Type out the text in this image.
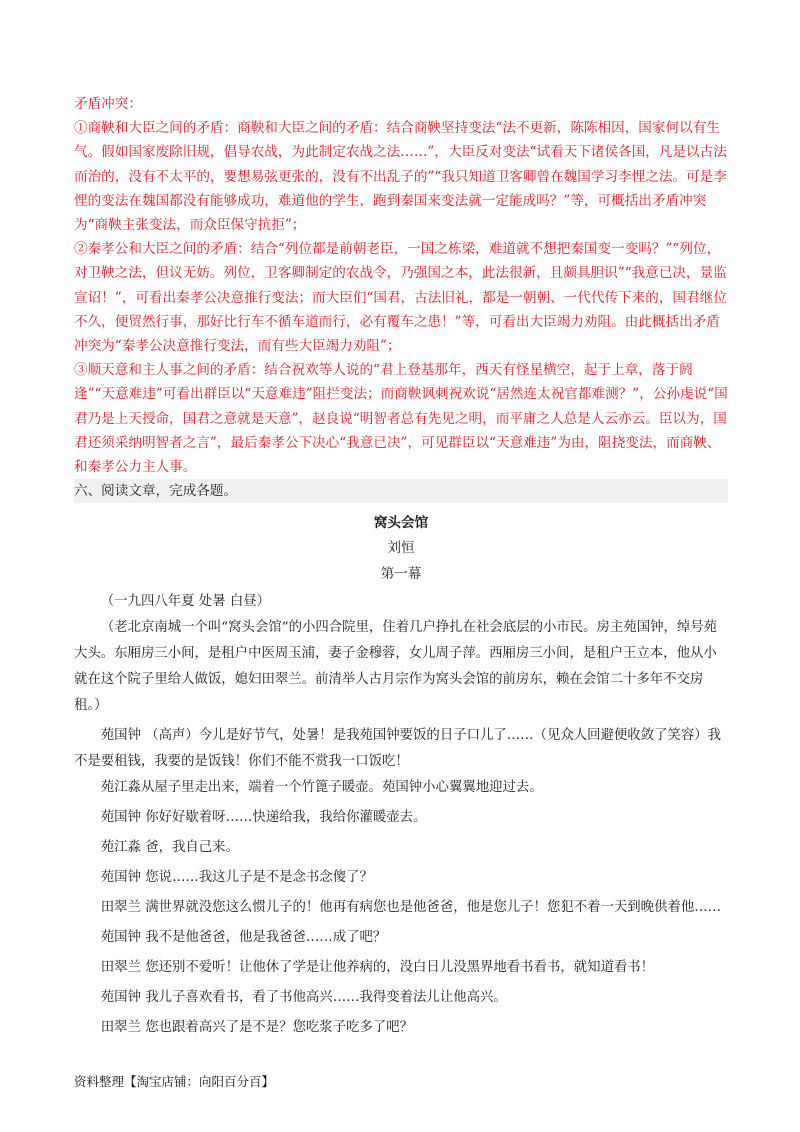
矛盾冲突：

①商鞅和大臣之间的矛盾：商鞅和大臣之间的矛盾：结合商鞅坚持变法“法不更新，陈陈相因，国家何以有生气。假如国家废除旧规，倡导农战，为此制定农战之法……”，大臣反对变法“试看天下诸侯各国，凡是以古法而治的，没有不太平的，要想易弦更张的，没有不出乱子的”“我只知道卫客卿曾在魏国学习李悝之法。可是李悝的变法在魏国都没有能够成功，难道他的学生，跑到秦国来变法就一定能成吗？”等，可概括出矛盾冲突为“商鞅主张变法，而众臣保守抗拒”；

②秦孝公和大臣之间的矛盾：结合“列位都是前朝老臣，一国之栋梁，难道就不想把秦国变一变吗？”“列位，对卫鞅之法，但议无妨。列位，卫客卿制定的农战令，乃强国之本，此法很新，且颇具胆识”“我意已决，景监宣诏！”，可看出秦孝公决意推行变法；而大臣们“国君，古法旧礼，都是一朝朝、一代代传下来的，国君继位不久，便贸然行事，那好比行车不循车道而行，必有覆车之患！”等，可看出大臣竭力劝阻。由此概括出矛盾冲突为“秦孝公决意推行变法，而有些大臣竭力劝阻”；

③顺天意和主人事之间的矛盾：结合祝欢等人说的“君上登基那年，西天有怪星横空，起于上章，落于阏逢”“天意难违”可看出群臣以“天意难违”阻拦变法；而商鞅讽刺祝欢说“居然连太祝官都难测？”，公孙虔说“国君乃是上天授命，国君之意就是天意”，赵良说“明智者总有先见之明，而平庸之人总是人云亦云。臣以为，国君还须采纳明智者之言”，最后秦孝公下决心“我意已决”，可见群臣以“天意难违”为由，阻挠变法，而商鞅、和秦孝公力主人事。

六、阅读文章，完成各题。
窝头会馆
刘恒
第一幕

（一九四八年夏 处暑 白昼）

（老北京南城一个叫“窝头会馆”的小四合院里，住着几户挣扎在社会底层的小市民。房主苑国钟，绰号苑大头。东厢房三小间，是租户中医周玉浦，妻子金穆蓉，女儿周子萍。西厢房三小间，是租户王立本，他从小就在这个院子里给人做饭，媳妇田翠兰。前清举人古月宗作为窝头会馆的前房东，赖在会馆二十多年不交房租。）

苑国钟 （高声）今儿是好节气，处暑！是我苑国钟要饭的日子口儿了……（见众人回避便收敛了笑容）我不是要租钱，我要的是饭钱！你们不能不赏我一口饭吃！

苑江淼从屋子里走出来，端着一个竹篦子暖壶。苑国钟小心翼翼地迎过去。

苑国钟 你好好歇着呀……快递给我，我给你灌暖壶去。

苑江淼 爸，我自己来。

苑国钟 您说……我这儿子是不是念书念傻了？

田翠兰 满世界就没您这么惯儿子的！他再有病您也是他爸爸，他是您儿子！您犯不着一天到晚供着他……

苑国钟 我不是他爸爸，他是我爸爸……成了吧？

田翠兰 您还别不爱听！让他休了学是让他养病的，没白日儿没黑界地看书看书，就知道看书！

苑国钟 我儿子喜欢看书，看了书他高兴……我得变着法儿让他高兴。

田翠兰 您也跟着高兴了是不是？您吃浆子吃多了吧？

资料整理【淘宝店铺：向阳百分百】
